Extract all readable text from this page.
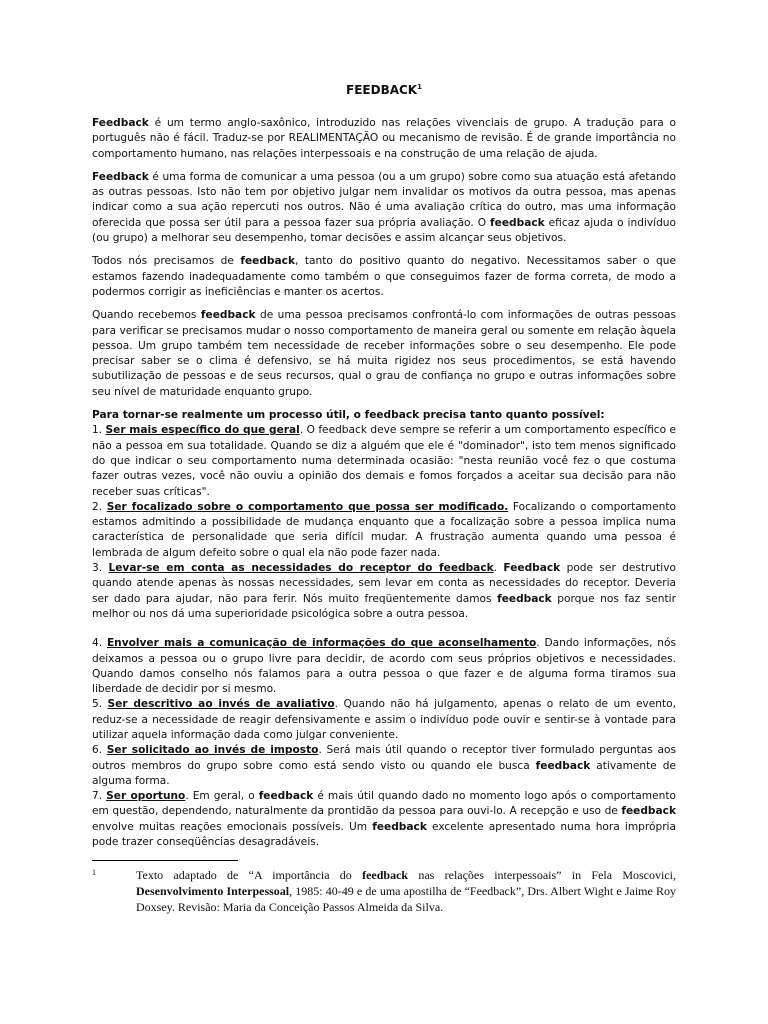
FEEDBACK$^1$

Feedback é um termo anglo-saxônico, introduzido nas relações vivenciais de grupo. A tradução para o português não é fácil. Traduz-se por REALIMENTAÇÃO ou mecanismo de revisão. É de grande importância no comportamento humano, nas relações interpessoais e na construção de uma relação de ajuda.

Feedback é uma forma de comunicar a uma pessoa (ou a um grupo) sobre como sua atuação está afetando as outras pessoas. Isto não tem por objetivo julgar nem invalidar os motivos da outra pessoa, mas apenas indicar como a sua ação repercuti nos outros. Não é uma avaliação crítica do outro, mas uma informação oferecida que possa ser útil para a pessoa fazer sua própria avaliação. O feedback eficaz ajuda o indivíduo (ou grupo) a melhorar seu desempenho, tomar decisões e assim alcançar seus objetivos.

Todos nós precisamos de feedback, tanto do positivo quanto do negativo. Necessitamos saber o que estamos fazendo inadequadamente como também o que conseguimos fazer de forma correta, de modo a podermos corrigir as ineficiências e manter os acertos.

Quando recebemos feedback de uma pessoa precisamos confrontá-lo com informações de outras pessoas para verificar se precisamos mudar o nosso comportamento de maneira geral ou somente em relação àquela pessoa. Um grupo também tem necessidade de receber informações sobre o seu desempenho. Ele pode precisar saber se o clima é defensivo, se há muita rigidez nos seus procedimentos, se está havendo subutilização de pessoas e de seus recursos, qual o grau de confiança no grupo e outras informações sobre seu nível de maturidade enquanto grupo.

Para tornar-se realmente um processo útil, o feedback precisa tanto quanto possível:

1. Ser mais específico do que geral. O feedback deve sempre se referir a um comportamento específico e não a pessoa em sua totalidade. Quando se diz a alguém que ele é "dominador", isto tem menos significado do que indicar o seu comportamento numa determinada ocasião: "nesta reunião você fez o que costuma fazer outras vezes, você não ouviu a opinião dos demais e fomos forçados a aceitar sua decisão para não receber suas críticas".
2. Ser focalizado sobre o comportamento que possa ser modificado. Focalizando o comportamento estamos admitindo a possibilidade de mudança enquanto que a focalização sobre a pessoa implica numa característica de personalidade que seria difícil mudar. A frustração aumenta quando uma pessoa é lembrada de algum defeito sobre o qual ela não pode fazer nada.
3. Levar-se em conta as necessidades do receptor do feedback. Feedback pode ser destrutivo quando atende apenas às nossas necessidades, sem levar em conta as necessidades do receptor. Deveria ser dado para ajudar, não para ferir. Nós muito freqüentemente damos feedback porque nos faz sentir melhor ou nos dá uma superioridade psicológica sobre a outra pessoa.
4. Envolver mais a comunicação de informações do que aconselhamento. Dando informações, nós deixamos a pessoa ou o grupo livre para decidir, de acordo com seus próprios objetivos e necessidades. Quando damos conselho nós falamos para a outra pessoa o que fazer e de alguma forma tiramos sua liberdade de decidir por si mesmo.
5. Ser descritivo ao invés de avaliativo. Quando não há julgamento, apenas o relato de um evento, reduz-se a necessidade de reagir defensivamente e assim o indivíduo pode ouvir e sentir-se à vontade para utilizar aquela informação dada como julgar conveniente.
6. Ser solicitado ao invés de imposto. Será mais útil quando o receptor tiver formulado perguntas aos outros membros do grupo sobre como está sendo visto ou quando ele busca feedback ativamente de alguma forma.
7. Ser oportuno. Em geral, o feedback é mais útil quando dado no momento logo após o comportamento em questão, dependendo, naturalmente da prontidão da pessoa para ouvi-lo. A recepção e uso de feedback envolve muitas reações emocionais possíveis. Um feedback excelente apresentado numa hora imprópria pode trazer conseqüências desagradáveis.
1	Texto adaptado de “A importância do feedback nas relações interpessoais” in Fela Moscovici, Desenvolvimento Interpessoal, 1985: 40-49 e de uma apostilha de “Feedback”, Drs. Albert Wight e Jaime Roy Doxsey. Revisão: Maria da Conceição Passos Almeida da Silva.
